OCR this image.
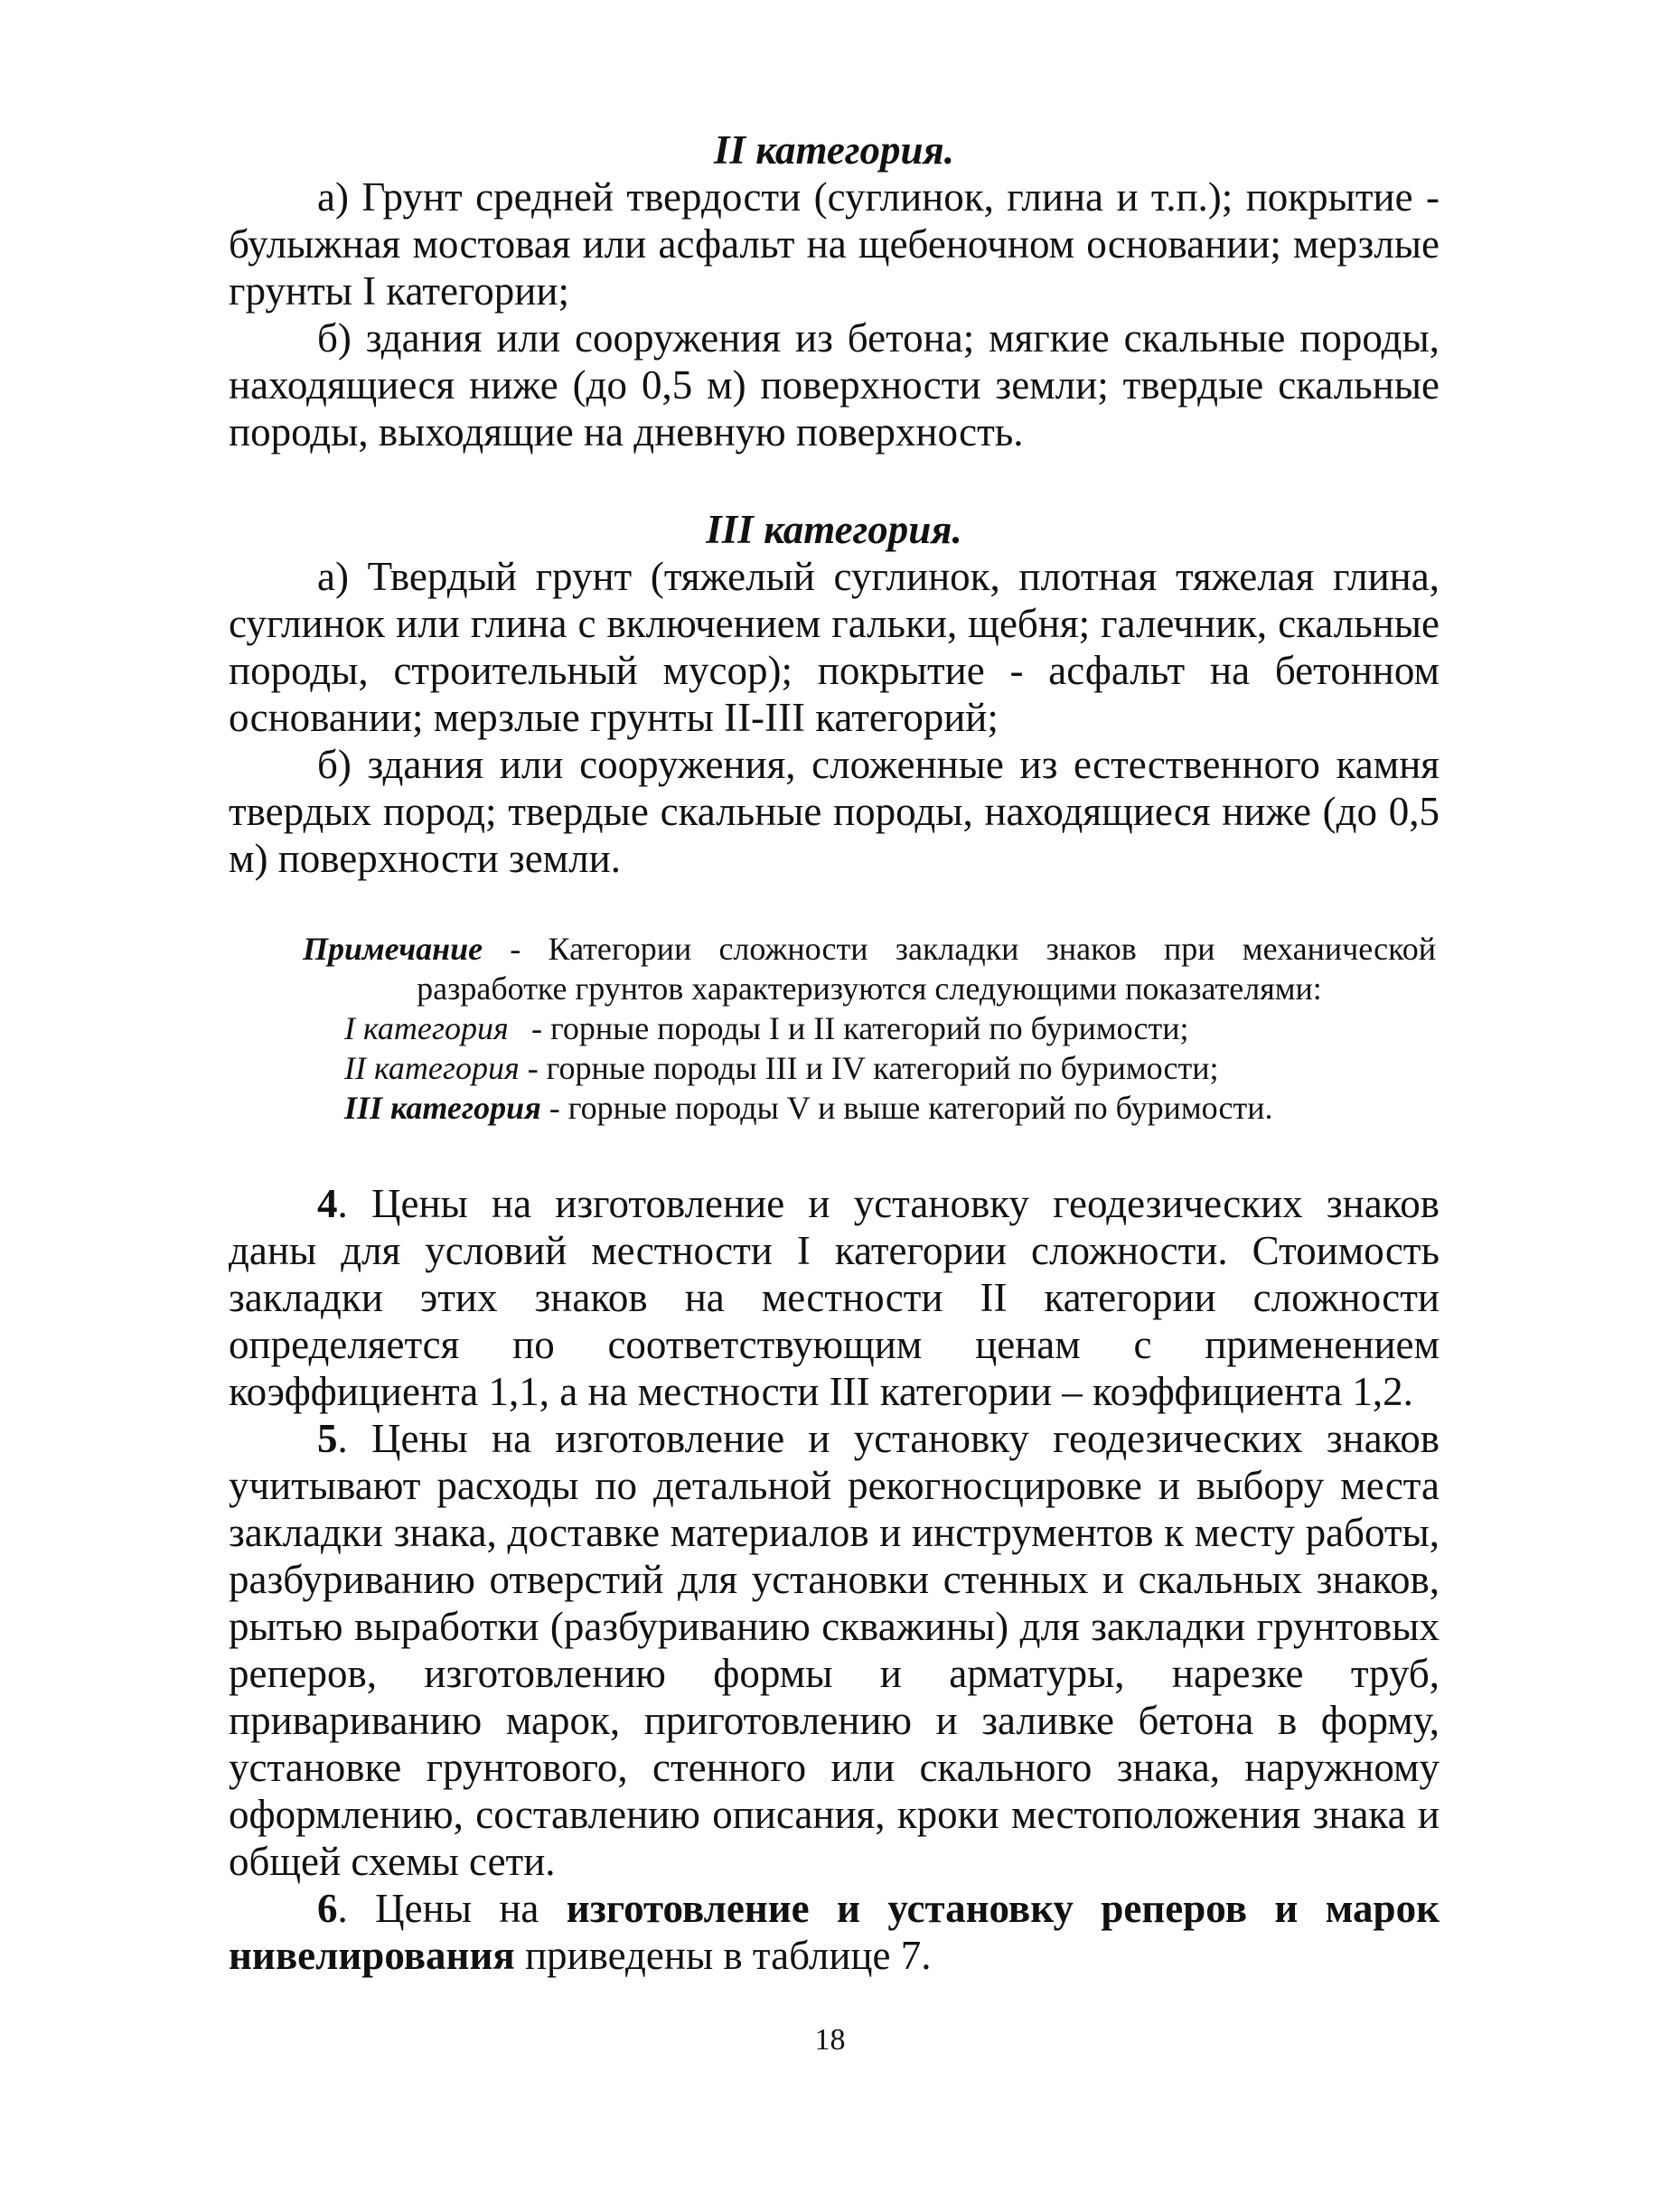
II категория.

а) Грунт средней твердости (суглинок, глина и т.п.); покрытие - булыжная мостовая или асфальт на щебеночном основании; мерзлые грунты I категории;

б) здания или сооружения из бетона; мягкие скальные породы, находящиеся ниже (до 0,5 м) поверхности земли; твердые скальные породы, выходящие на дневную поверхность.

III категория.

а) Твердый грунт (тяжелый суглинок, плотная тяжелая глина, суглинок или глина с включением гальки, щебня; галечник, скальные породы, строительный мусор); покрытие - асфальт на бетонном основании; мерзлые грунты II-III категорий;

б) здания или сооружения, сложенные из естественного камня твердых пород; твердые скальные породы, находящиеся ниже (до 0,5 м) поверхности земли.

Примечание - Категории сложности закладки знаков при механической разработке грунтов характеризуются следующими показателями:
I категория - горные породы I и II категорий по буримости;
II категория - горные породы III и IV категорий по буримости;
III категория - горные породы V и выше категорий по буримости.

4. Цены на изготовление и установку геодезических знаков даны для условий местности I категории сложности. Стоимость закладки этих знаков на местности II категории сложности определяется по соответствующим ценам с применением коэффициента 1,1, а на местности III категории – коэффициента 1,2.

5. Цены на изготовление и установку геодезических знаков учитывают расходы по детальной рекогносцировке и выбору места закладки знака, доставке материалов и инструментов к месту работы, разбуриванию отверстий для установки стенных и скальных знаков, рытью выработки (разбуриванию скважины) для закладки грунтовых реперов, изготовлению формы и арматуры, нарезке труб, привариванию марок, приготовлению и заливке бетона в форму, установке грунтового, стенного или скального знака, наружному оформлению, составлению описания, кроки местоположения знака и общей схемы сети.

6. Цены на изготовление и установку реперов и марок нивелирования приведены в таблице 7.

18
